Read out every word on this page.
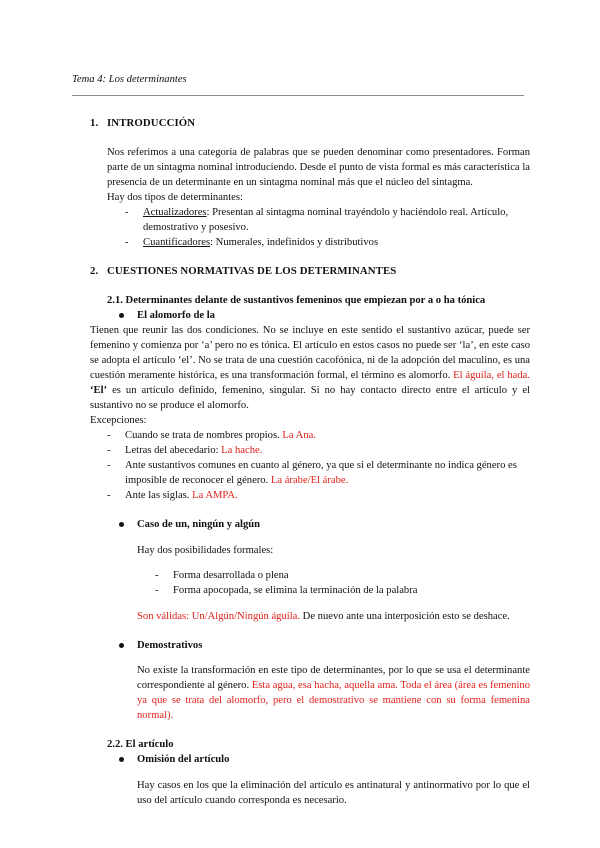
Tema 4: Los determinantes
1. INTRODUCCIÓN

Nos referimos a una categoría de palabras que se pueden denominar como presentadores. Forman parte de un sintagma nominal introduciendo. Desde el punto de vista formal es más característica la presencia de un determinante en un sintagma nominal más que el núcleo del sintagma.

Hay dos tipos de determinantes:

- Actualizadores: Presentan al sintagma nominal trayéndolo y haciéndolo real. Artículo, demostrativo y posesivo.
- Cuantificadores: Numerales, indefinidos y distributivos
2. CUESTIONES NORMATIVAS DE LOS DETERMINANTES

2.1. Determinantes delante de sustantivos femeninos que empiezan por a o ha tónica

El alomorfo de la

Tienen que reunir las dos condiciones. No se incluye en este sentido el sustantivo azúcar, puede ser femenino y comienza por ‘a’ pero no es tónica. El artículo en estos casos no puede ser ‘la’, en este caso se adopta el artículo ‘el’. No se trata de una cuestión cacofónica, ni de la adopción del maculino, es una cuestión meramente histórica, es una transformación formal, el término es alomorfo. El águila, el hada. ‘El’ es un artículo definido, femenino, singular. Si no hay contacto directo entre el artículo y el sustantivo no se produce el alomorfo.

Excepciones:

- Cuando se trata de nombres propios. La Ana.
- Letras del abecedario: La hache.
- Ante sustantivos comunes en cuanto al género, ya que si el determinante no indica género es imposible de reconocer el género. La árabe/El árabe.
- Ante las siglas. La AMPA.

Caso de un, ningún y algún

Hay dos posibilidades formales:

- Forma desarrollada o plena
- Forma apocopada, se elimina la terminación de la palabra

Son válidas: Un/Algún/Ningún águila. De nuevo ante una interposición esto se deshace.

Demostrativos

No existe la transformación en este tipo de determinantes, por lo que se usa el determinante correspondiente al género. Esta agua, esa hacha, aquella ama. Toda el área (área es femenino ya que se trata del alomorfo, pero el demostrativo se mantiene con su forma femenina normal).

2.2. El artículo

Omisión del artículo

Hay casos en los que la eliminación del artículo es antinatural y antinormativo por lo que el uso del artículo cuando corresponda es necesario.
